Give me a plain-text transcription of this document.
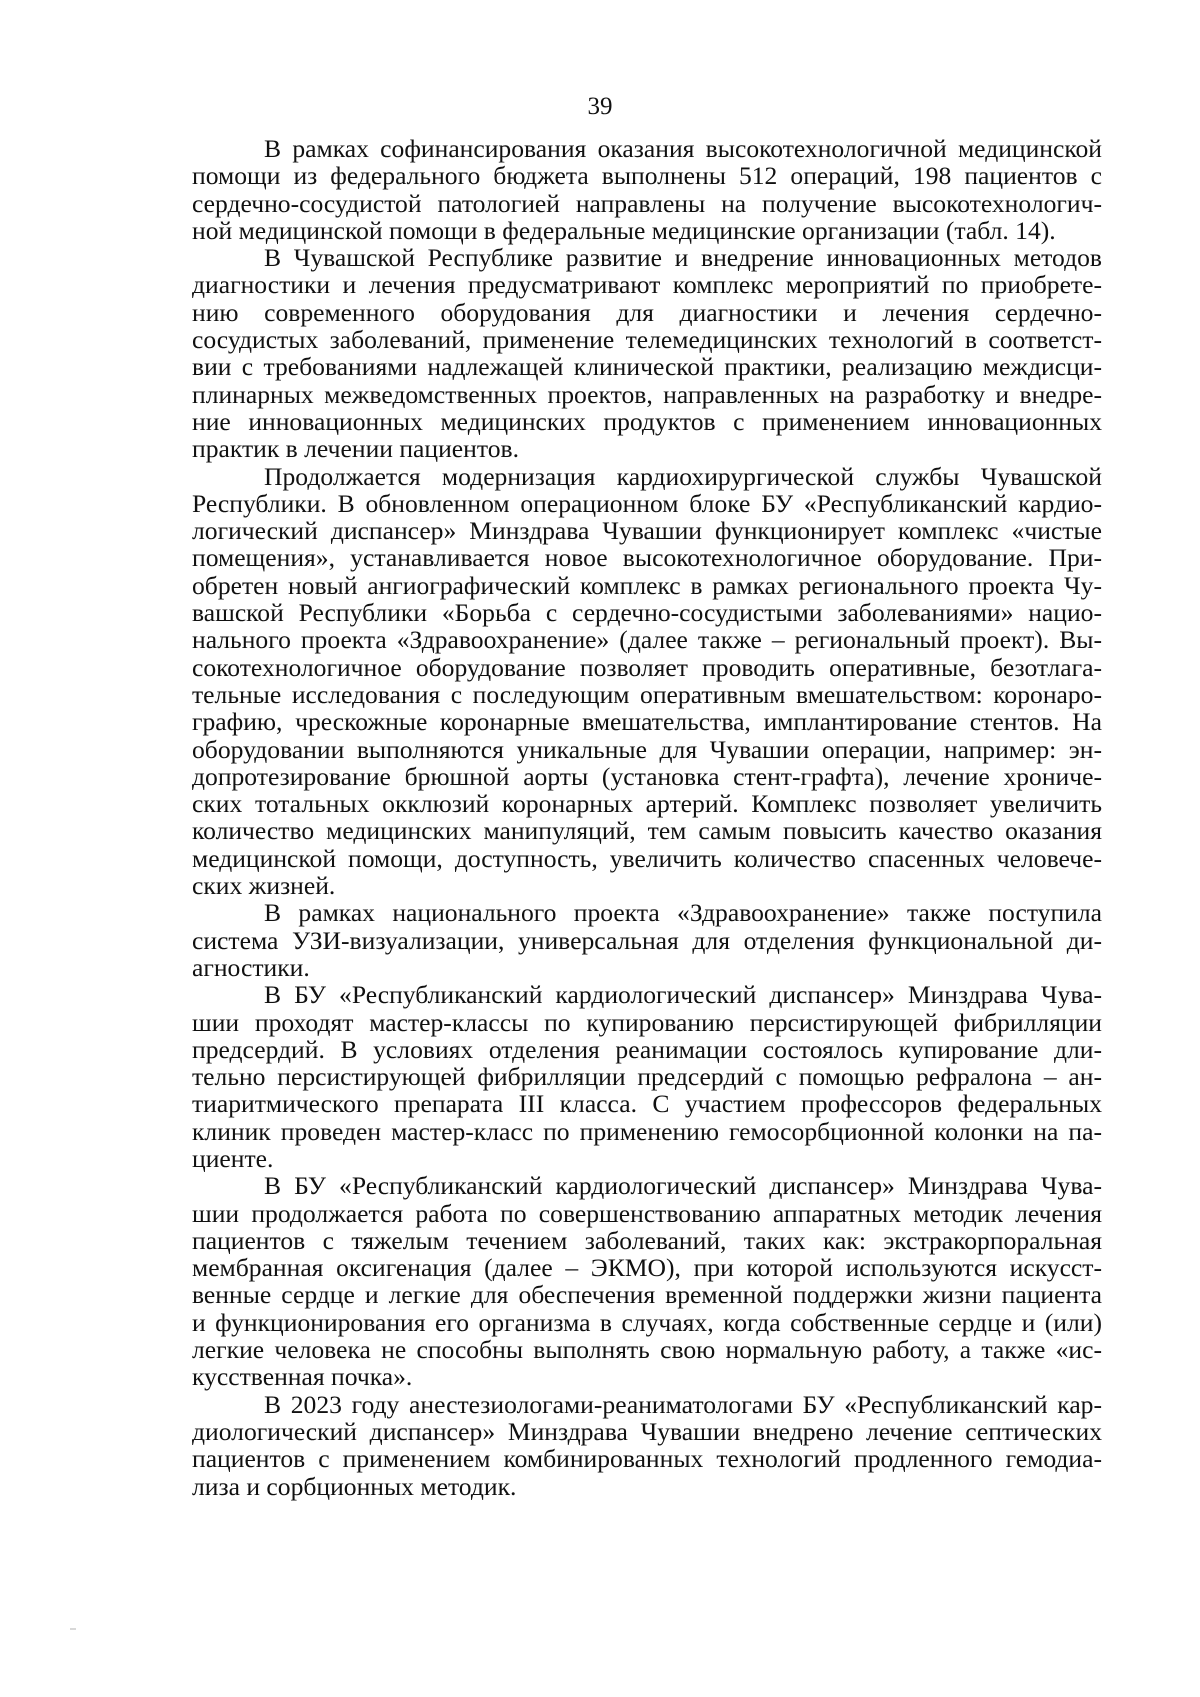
39

В рамках софинансирования оказания высокотехнологичной медицинской
помощи из федерального бюджета выполнены 512 операций, 198 пациентов с
сердечно-сосудистой патологией направлены на получение высокотехнологич-
ной медицинской помощи в федеральные медицинские организации (табл. 14).

В Чувашской Республике развитие и внедрение инновационных методов
диагностики и лечения предусматривают комплекс мероприятий по приобрете-
нию современного оборудования для диагностики и лечения сердечно-
сосудистых заболеваний, применение телемедицинских технологий в соответст-
вии с требованиями надлежащей клинической практики, реализацию междисци-
плинарных межведомственных проектов, направленных на разработку и внедре-
ние инновационных медицинских продуктов с применением инновационных
практик в лечении пациентов.

Продолжается модернизация кардиохирургической службы Чувашской
Республики. В обновленном операционном блоке БУ «Республиканский кардио-
логический диспансер» Минздрава Чувашии функционирует комплекс «чистые
помещения», устанавливается новое высокотехнологичное оборудование. При-
обретен новый ангиографический комплекс в рамках регионального проекта Чу-
вашской Республики «Борьба с сердечно-сосудистыми заболеваниями» нацио-
нального проекта «Здравоохранение» (далее также – региональный проект). Вы-
сокотехнологичное оборудование позволяет проводить оперативные, безотлага-
тельные исследования с последующим оперативным вмешательством: коронаро-
графию, чрескожные коронарные вмешательства, имплантирование стентов. На
оборудовании выполняются уникальные для Чувашии операции, например: эн-
допротезирование брюшной аорты (установка стент-графта), лечение хрониче-
ских тотальных окклюзий коронарных артерий. Комплекс позволяет увеличить
количество медицинских манипуляций, тем самым повысить качество оказания
медицинской помощи, доступность, увеличить количество спасенных человече-
ских жизней.

В рамках национального проекта «Здравоохранение» также поступила
система УЗИ-визуализации, универсальная для отделения функциональной ди-
агностики.

В БУ «Республиканский кардиологический диспансер» Минздрава Чува-
шии проходят мастер-классы по купированию персистирующей фибрилляции
предсердий. В условиях отделения реанимации состоялось купирование дли-
тельно персистирующей фибрилляции предсердий с помощью рефралона – ан-
тиаритмического препарата III класса. С участием профессоров федеральных
клиник проведен мастер-класс по применению гемосорбционной колонки на па-
циенте.

В БУ «Республиканский кардиологический диспансер» Минздрава Чува-
шии продолжается работа по совершенствованию аппаратных методик лечения
пациентов с тяжелым течением заболеваний, таких как: экстракорпоральная
мембранная оксигенация (далее – ЭКМО), при которой используются искусст-
венные сердце и легкие для обеспечения временной поддержки жизни пациента
и функционирования его организма в случаях, когда собственные сердце и (или)
легкие человека не способны выполнять свою нормальную работу, а также «ис-
кусственная почка».

В 2023 году анестезиологами-реаниматологами БУ «Республиканский кар-
диологический диспансер» Минздрава Чувашии внедрено лечение септических
пациентов с применением комбинированных технологий продленного гемодиа-
лиза и сорбционных методик.
